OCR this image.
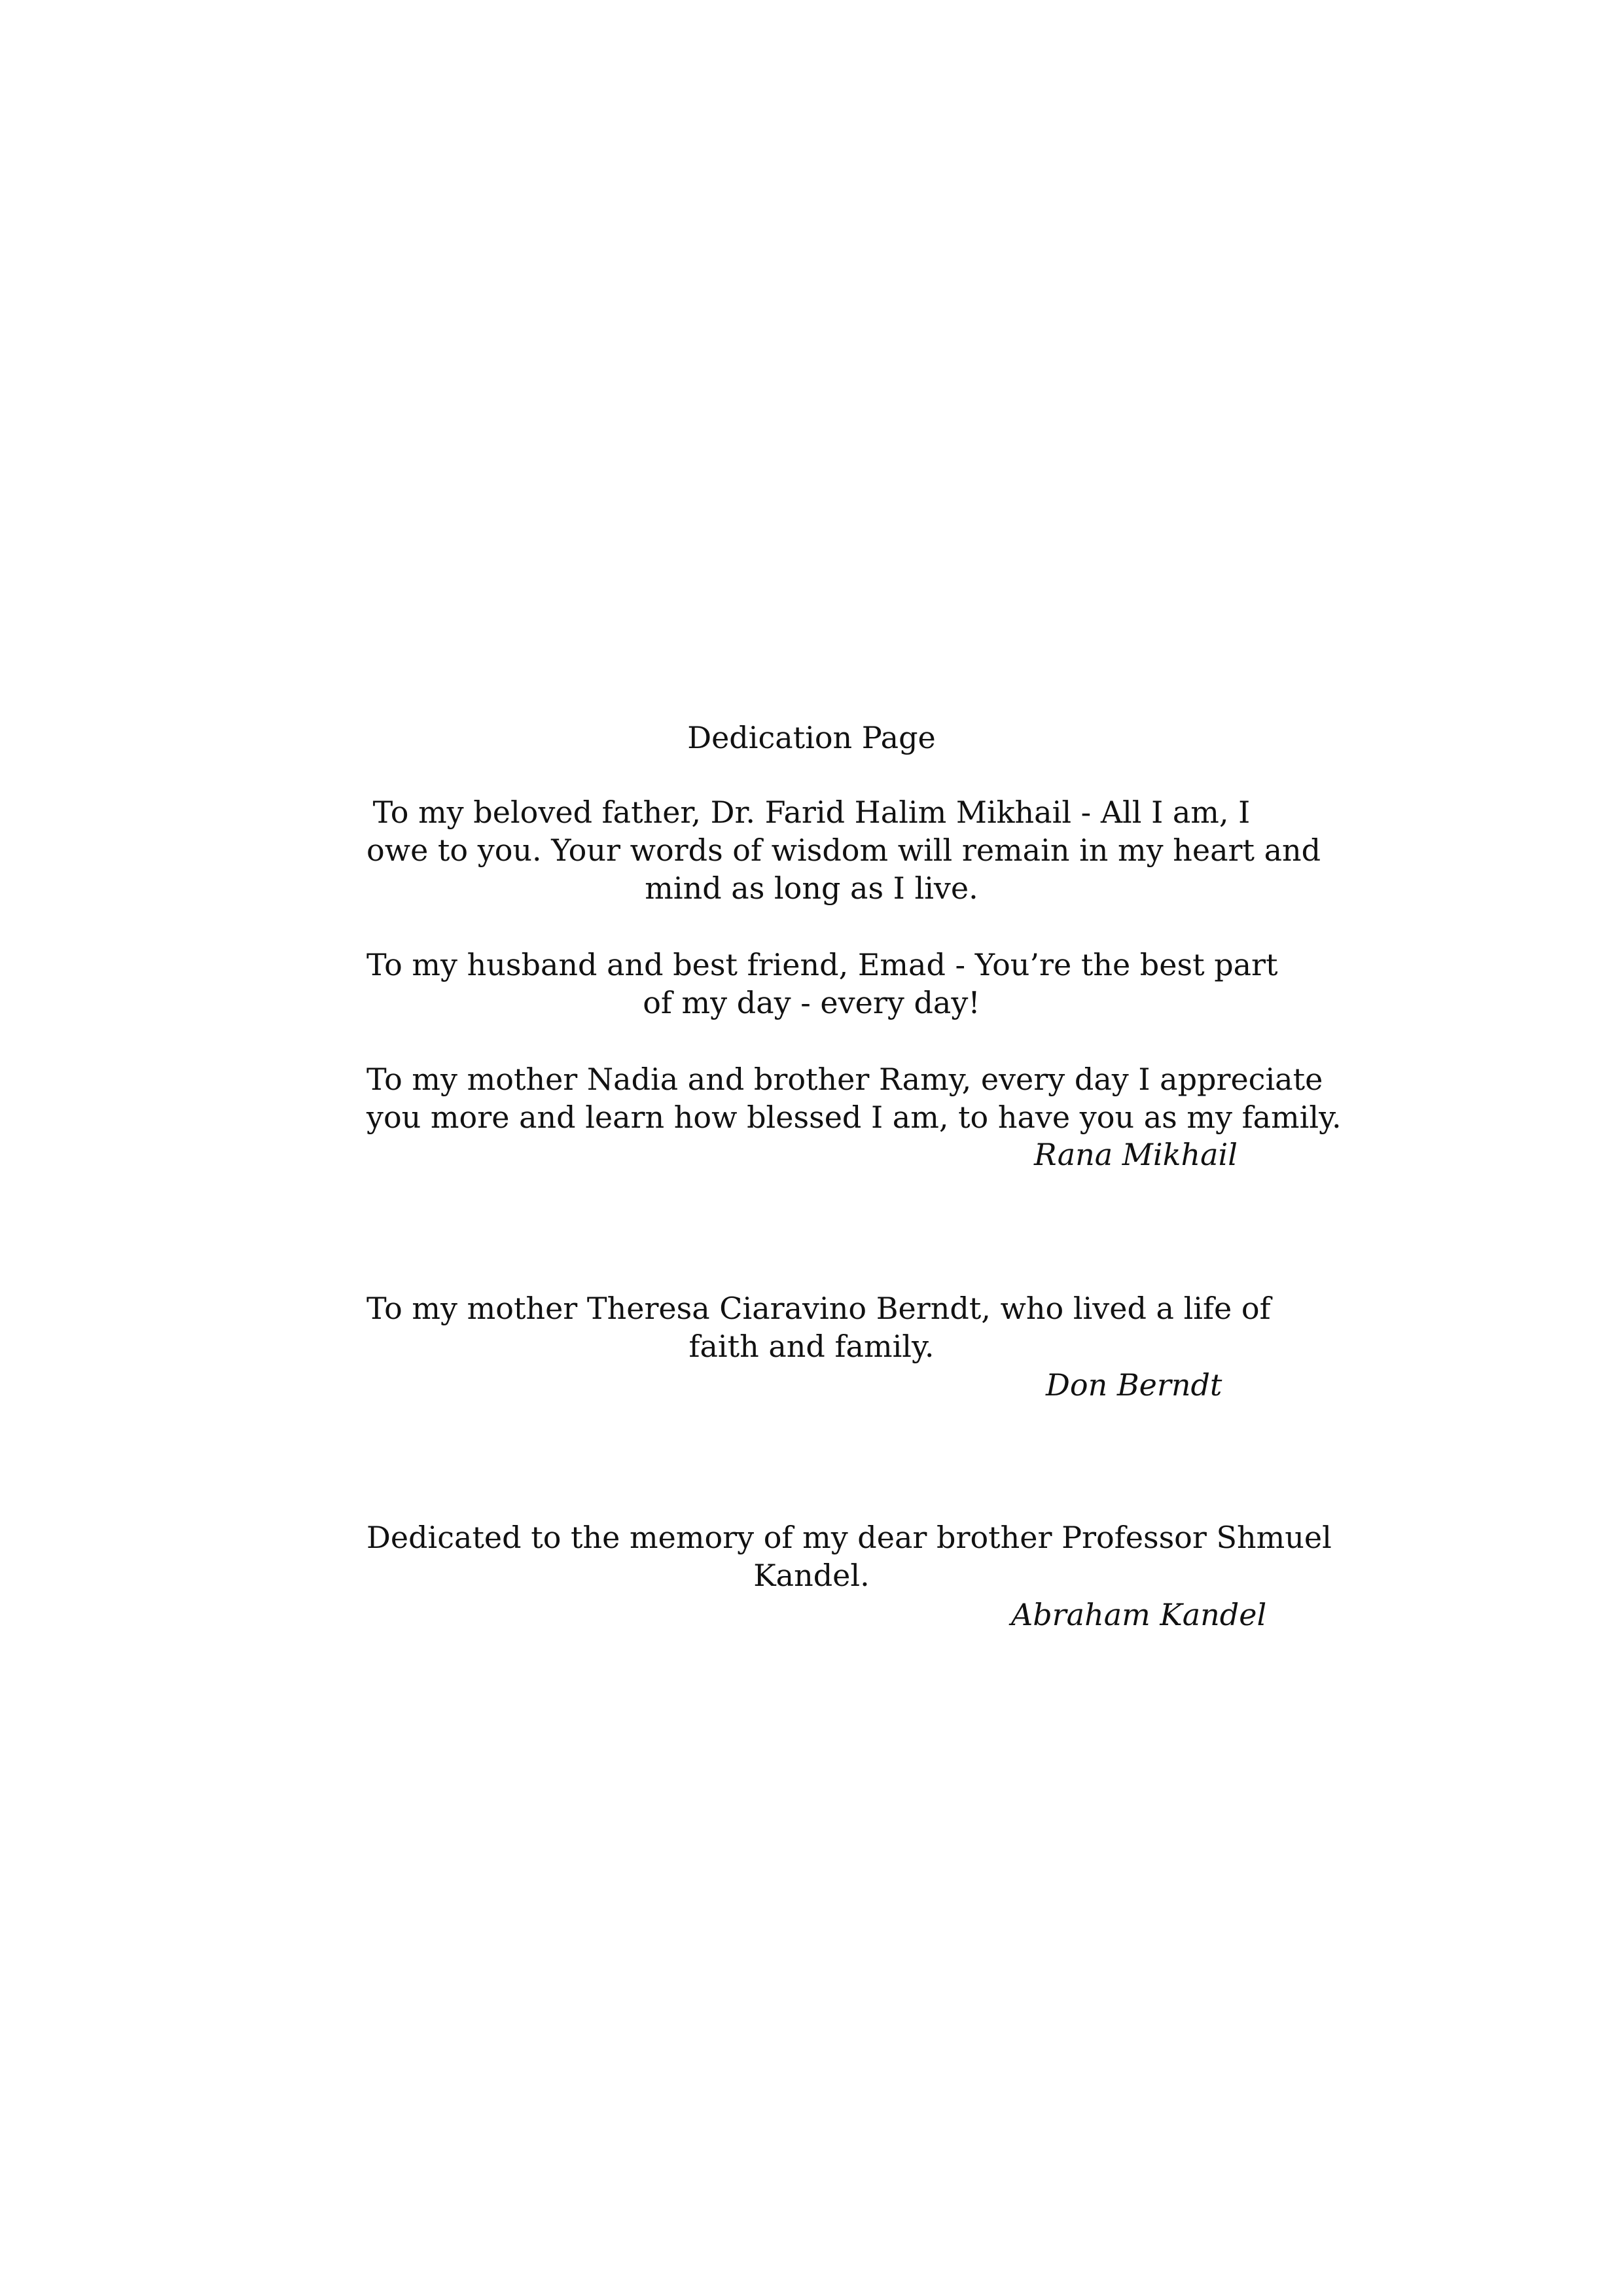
Dedication Page
To my beloved father, Dr. Farid Halim Mikhail - All I am, I
owe to you. Your words of wisdom will remain in my heart and
mind as long as I live.
To my husband and best friend, Emad - You’re the best part
of my day - every day!
To my mother Nadia and brother Ramy, every day I appreciate
you more and learn how blessed I am, to have you as my family.
Rana Mikhail
To my mother Theresa Ciaravino Berndt, who lived a life of
faith and family.
Don Berndt
Dedicated to the memory of my dear brother Professor Shmuel
Kandel.
Abraham Kandel
